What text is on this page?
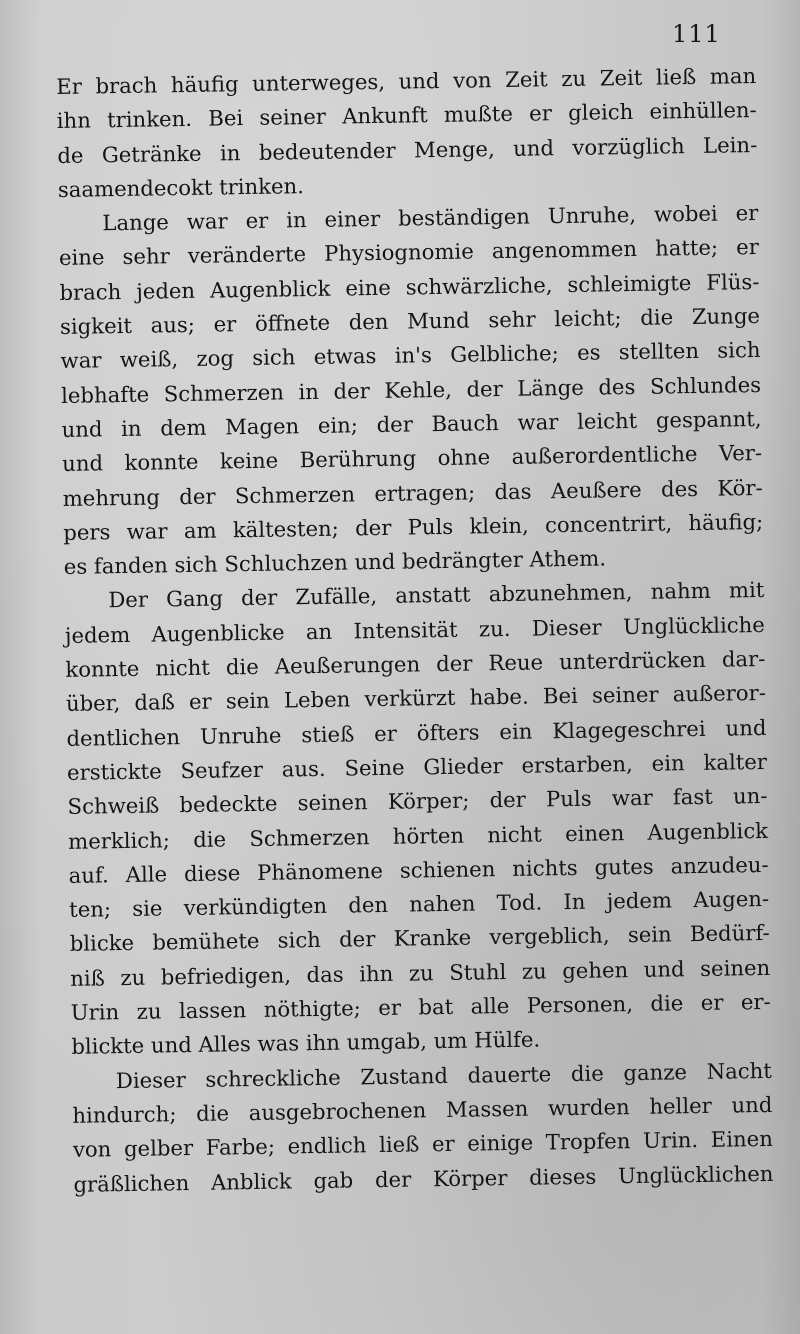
111
Er brach häufig unterweges, und von Zeit zu Zeit ließ man
ihn trinken. Bei seiner Ankunft mußte er gleich einhüllen-
de Getränke in bedeutender Menge, und vorzüglich Lein-
saamendecokt trinken.
Lange war er in einer beständigen Unruhe, wobei er
eine sehr veränderte Physiognomie angenommen hatte; er
brach jeden Augenblick eine schwärzliche, schleimigte Flüs-
sigkeit aus; er öffnete den Mund sehr leicht; die Zunge
war weiß, zog sich etwas in's Gelbliche; es stellten sich
lebhafte Schmerzen in der Kehle, der Länge des Schlundes
und in dem Magen ein; der Bauch war leicht gespannt,
und konnte keine Berührung ohne außerordentliche Ver-
mehrung der Schmerzen ertragen; das Aeußere des Kör-
pers war am kältesten; der Puls klein, concentrirt, häufig;
es fanden sich Schluchzen und bedrängter Athem.
Der Gang der Zufälle, anstatt abzunehmen, nahm mit
jedem Augenblicke an Intensität zu. Dieser Unglückliche
konnte nicht die Aeußerungen der Reue unterdrücken dar-
über, daß er sein Leben verkürzt habe. Bei seiner außeror-
dentlichen Unruhe stieß er öfters ein Klagegeschrei und
erstickte Seufzer aus. Seine Glieder erstarben, ein kalter
Schweiß bedeckte seinen Körper; der Puls war fast un-
merklich; die Schmerzen hörten nicht einen Augenblick
auf. Alle diese Phänomene schienen nichts gutes anzudeu-
ten; sie verkündigten den nahen Tod. In jedem Augen-
blicke bemühete sich der Kranke vergeblich, sein Bedürf-
niß zu befriedigen, das ihn zu Stuhl zu gehen und seinen
Urin zu lassen nöthigte; er bat alle Personen, die er er-
blickte und Alles was ihn umgab, um Hülfe.
Dieser schreckliche Zustand dauerte die ganze Nacht
hindurch; die ausgebrochenen Massen wurden heller und
von gelber Farbe; endlich ließ er einige Tropfen Urin. Einen
gräßlichen Anblick gab der Körper dieses Unglücklichen
